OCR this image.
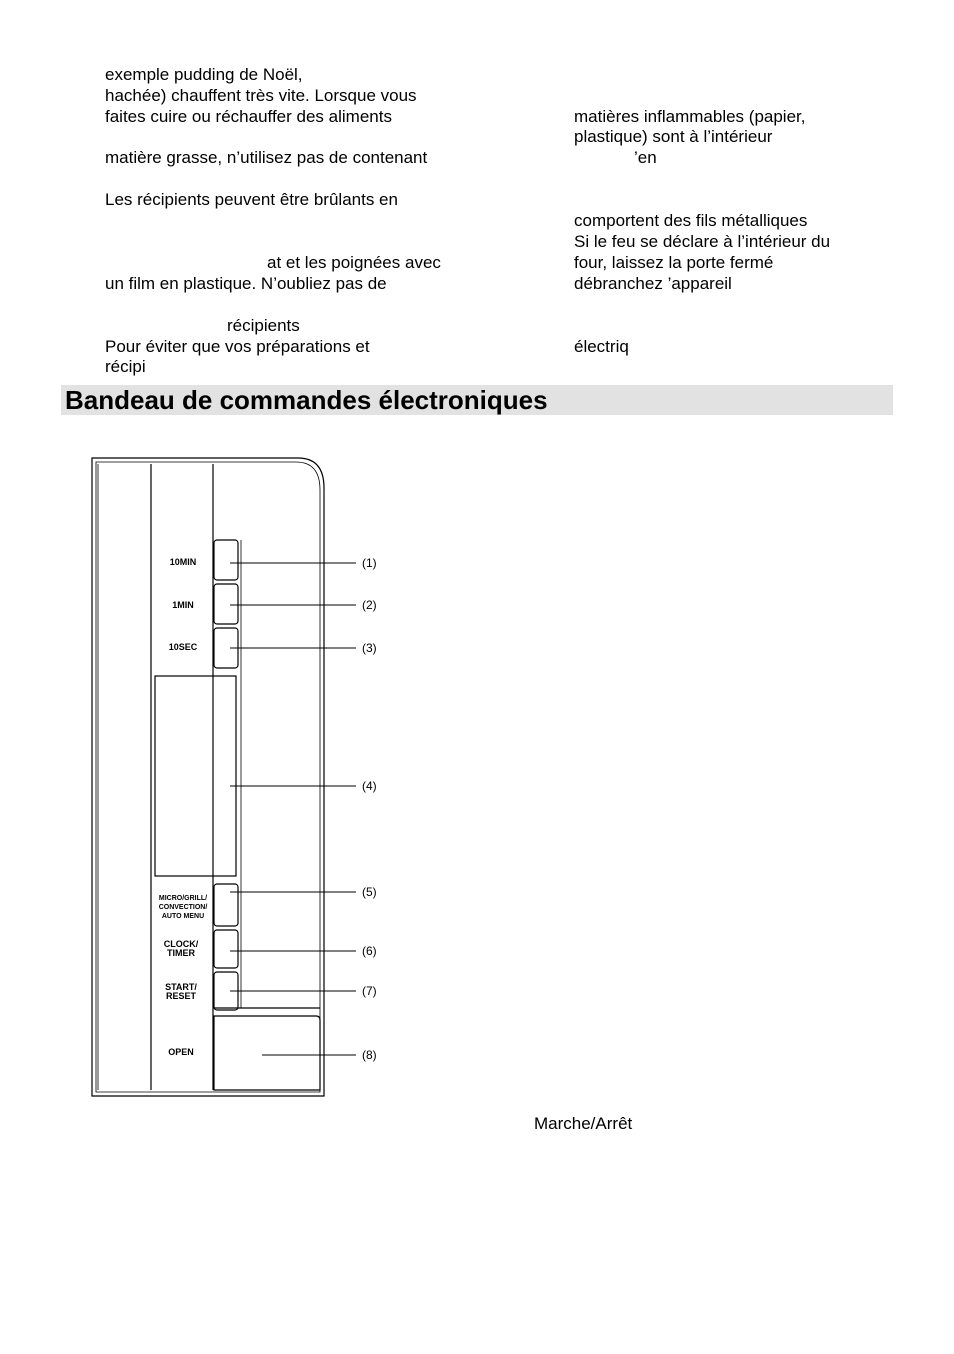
exemple pudding de Noël,
hachée) chauffent très vite. Lorsque vous
faites cuire ou réchauffer des aliments
matière grasse, n’utilisez pas de contenant
Les récipients peuvent être brûlants en
at et les poignées avec
un film en plastique. N’oubliez pas de
récipients
Pour éviter que vos préparations et
récipi
matières inflammables (papier,
plastique) sont à l’intérieur
’en
comportent des fils métalliques
Si le feu se déclare à l’intérieur du
four, laissez la porte fermé
débranchez ’appareil
électriq
Bandeau de commandes électroniques
10MIN
1MIN
10SEC
MICRO/GRILL/
CONVECTION/
AUTO MENU
CLOCK/
TIMER
START/
RESET
OPEN
(1)
(2)
(3)
(4)
(5)
(6)
(7)
(8)
Marche/Arrêt
